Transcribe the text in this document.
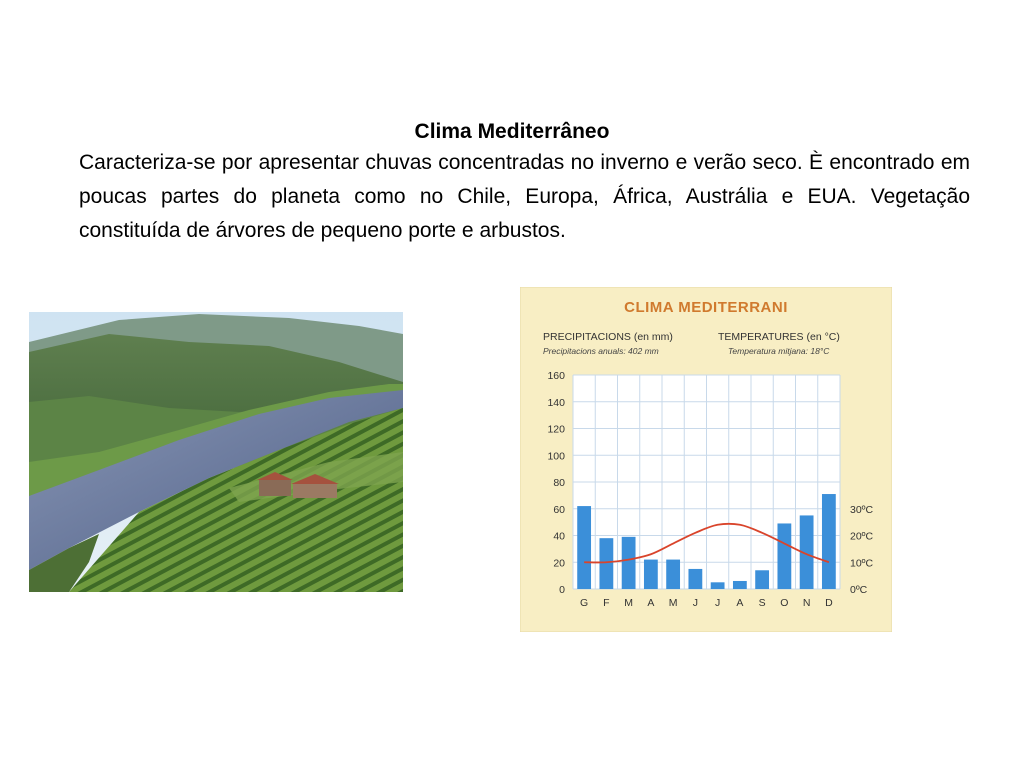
Clima Mediterrâneo

Caracteriza-se por apresentar chuvas concentradas no inverno e verão seco. È encontrado em poucas partes do planeta como no Chile, Europa, África, Austrália e EUA. Vegetação constituída de árvores de pequeno porte e arbustos.

CLIMA MEDITERRANI
PRECIPITACIONS (en mm)
Precipitacions anuals: 402 mm
TEMPERATURES (en °C)
Temperatura mitjana: 18°C
0
20
40
60
80
100
120
140
160
0ºC
10ºC
20ºC
30ºC
G F M A M J J A S O N D
